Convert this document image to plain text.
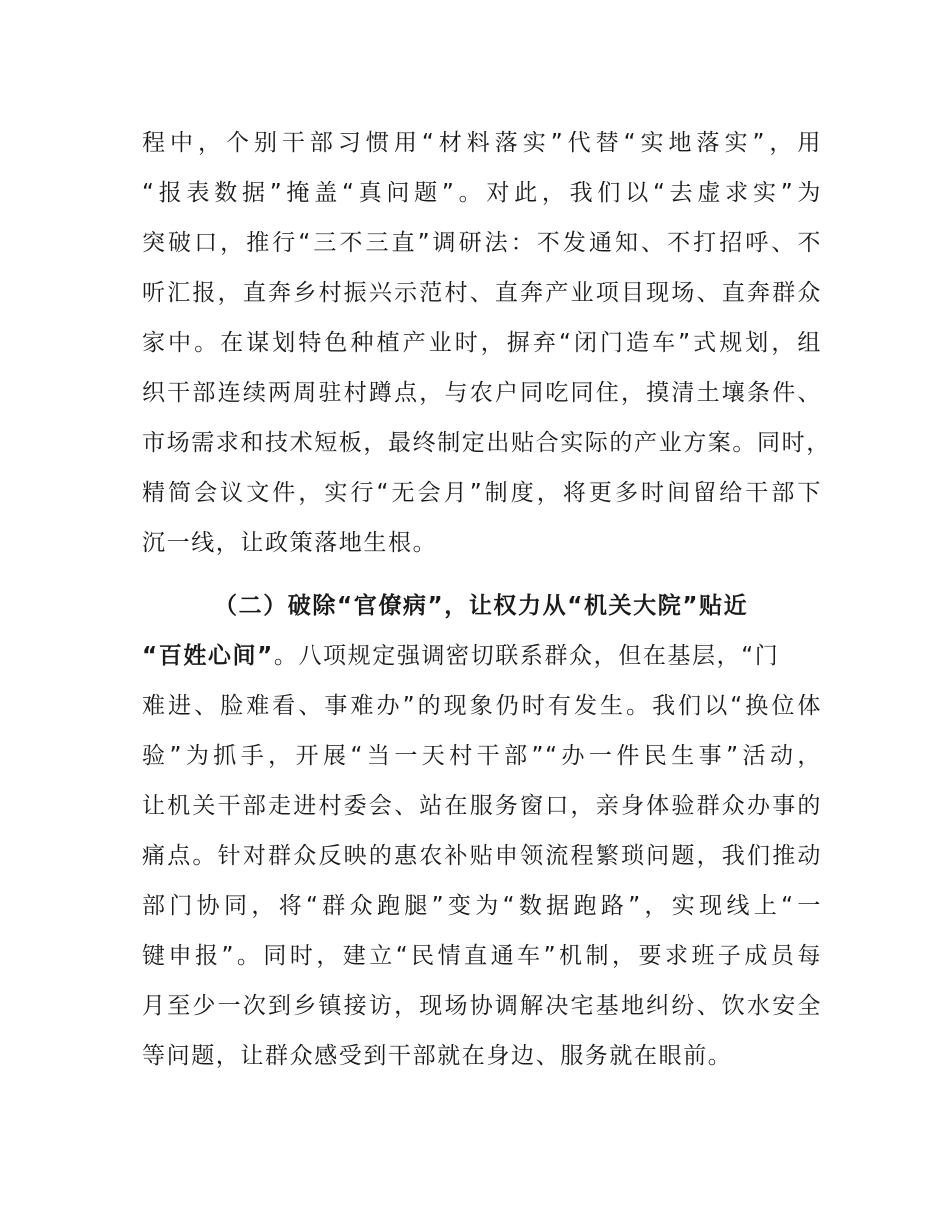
程中，个别干部习惯用“材料落实”代替“实地落实”，用
“报表数据”掩盖“真问题”。对此，我们以“去虚求实”为
突破口，推行“三不三直”调研法：不发通知、不打招呼、不
听汇报，直奔乡村振兴示范村、直奔产业项目现场、直奔群众
家中。在谋划特色种植产业时，摒弃“闭门造车”式规划，组
织干部连续两周驻村蹲点，与农户同吃同住，摸清土壤条件、
市场需求和技术短板，最终制定出贴合实际的产业方案。同时，
精简会议文件，实行“无会月”制度，将更多时间留给干部下
沉一线，让政策落地生根。
（二）破除“官僚病”，让权力从“机关大院”贴近
“百姓心间”。八项规定强调密切联系群众，但在基层，“门
难进、脸难看、事难办”的现象仍时有发生。我们以“换位体
验”为抓手，开展“当一天村干部”“办一件民生事”活动，
让机关干部走进村委会、站在服务窗口，亲身体验群众办事的
痛点。针对群众反映的惠农补贴申领流程繁琐问题，我们推动
部门协同，将“群众跑腿”变为“数据跑路”，实现线上“一
键申报”。同时，建立“民情直通车”机制，要求班子成员每
月至少一次到乡镇接访，现场协调解决宅基地纠纷、饮水安全
等问题，让群众感受到干部就在身边、服务就在眼前。
